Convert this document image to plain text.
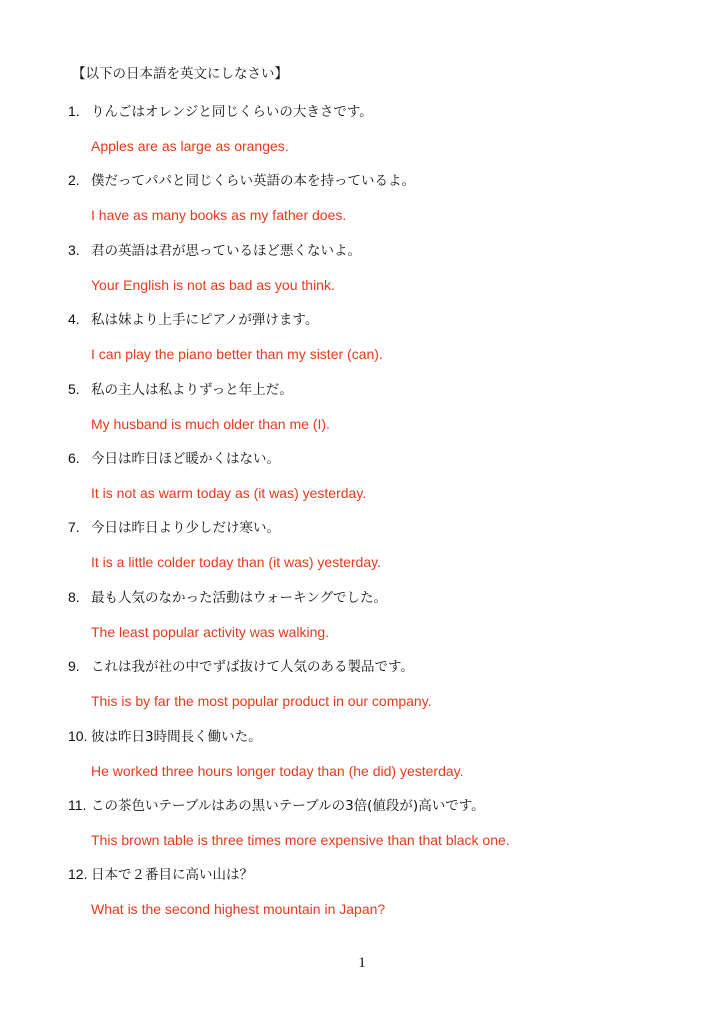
【以下の日本語を英文にしなさい】
1. りんごはオレンジと同じくらいの大きさです。
Apples are as large as oranges.
2. 僕だってパパと同じくらい英語の本を持っているよ。
I have as many books as my father does.
3. 君の英語は君が思っているほど悪くないよ。
Your English is not as bad as you think.
4. 私は妹より上手にピアノが弾けます。
I can play the piano better than my sister (can).
5. 私の主人は私よりずっと年上だ。
My husband is much older than me (I).
6. 今日は昨日ほど暖かくはない。
It is not as warm today as (it was) yesterday.
7. 今日は昨日より少しだけ寒い。
It is a little colder today than (it was) yesterday.
8. 最も人気のなかった活動はウォーキングでした。
The least popular activity was walking.
9. これは我が社の中でずば抜けて人気のある製品です。
This is by far the most popular product in our company.
10. 彼は昨日3時間長く働いた。
He worked three hours longer today than (he did) yesterday.
11. この茶色いテーブルはあの黒いテーブルの3倍(値段が)高いです。
This brown table is three times more expensive than that black one.
12. 日本で２番目に高い山は？
What is the second highest mountain in Japan?
1
